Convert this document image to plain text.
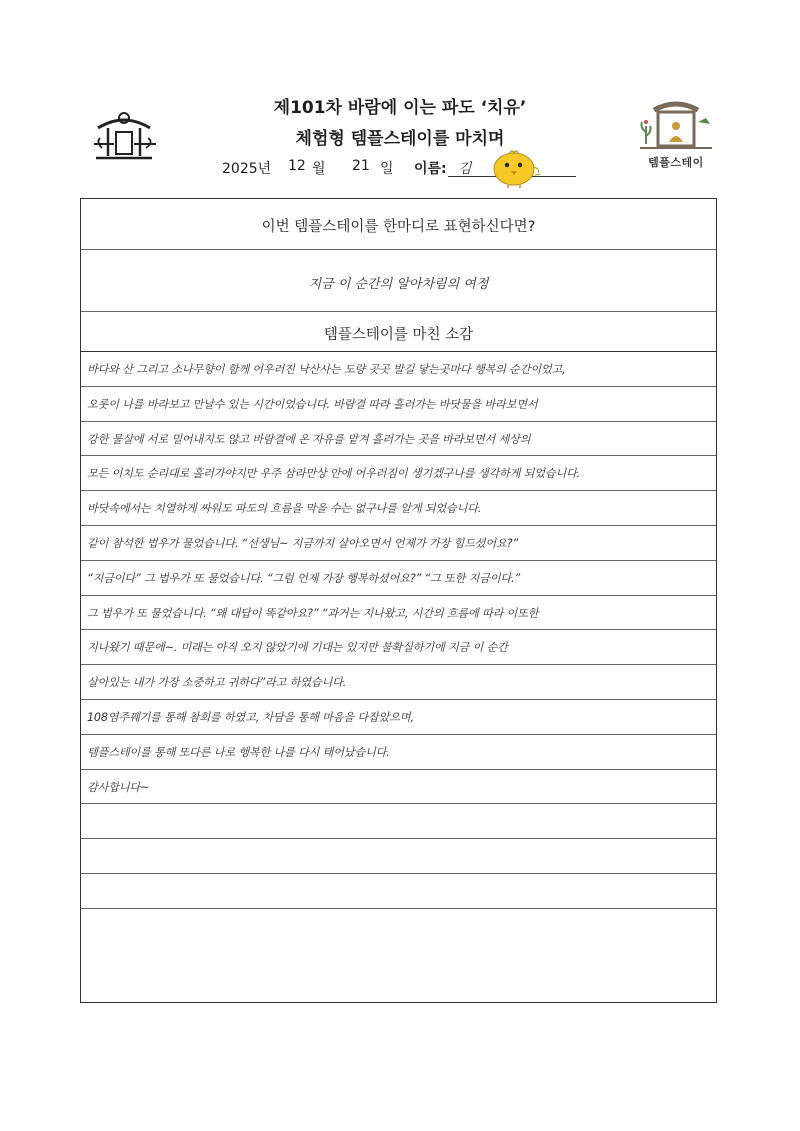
제101차 바람에 이는 파도 ‘치유’
체험형 템플스테이를 마치며
템플스테이
2025년 12 월 21 일 이름: 김
이번 템플스테이를 한마디로 표현하신다면?
지금 이 순간의 알아차림의 여정
템플스테이를 마친 소감
바다와 산 그리고 소나무향이 함께 어우러진 낙산사는 도량 곳곳 발길 닿는곳마다 행복의 순간이었고,
오롯이 나를 바라보고 만날수 있는 시간이었습니다. 바람결 따라 흘러가는 바닷물을 바라보면서
강한 물살에 서로 밀어내지도 않고 바람결에 온 자유를 맡겨 흘러가는 곳을 바라보면서 세상의
모든 이치도 순리대로 흘러가야지만 우주 삼라만상 안에 어우러짐이 생기겠구나를 생각하게 되었습니다.
바닷속에서는 치열하게 싸워도 파도의 흐름을 막을 수는 없구나를 알게 되었습니다.
같이 참석한 법우가 물었습니다. “선생님~ 지금까지 살아오면서 언제가 가장 힘드셨어요?”
“지금이다” 그 법우가 또 물었습니다. “그럼 언제 가장 행복하셨어요?” “그 또한 지금이다.”
그 법우가 또 물었습니다. “왜 대답이 똑같아요?” “과거는 지나왔고, 시간의 흐름에 따라 이또한
지나왔기 때문에~. 미래는 아직 오지 않았기에 기대는 있지만 불확실하기에 지금 이 순간
살아있는 내가 가장 소중하고 귀하다”라고 하였습니다.
108염주꿰기를 통해 참회를 하였고, 차담을 통해 마음을 다잡았으며,
템플스테이를 통해 또다른 나로 행복한 나를 다시 태어났습니다.
감사합니다~
